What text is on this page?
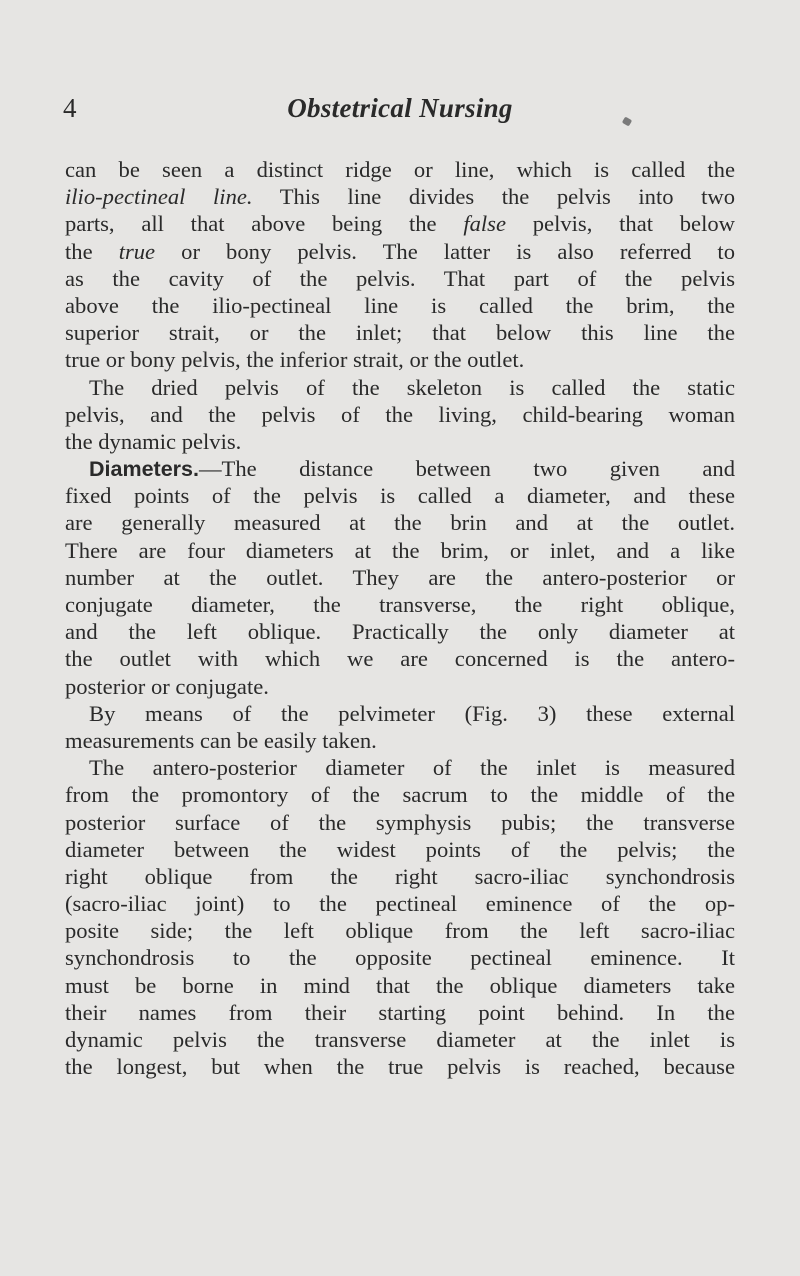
4	Obstetrical Nursing
can be seen a distinct ridge or line, which is called the
ilio-pectineal line. This line divides the pelvis into two
parts, all that above being the false pelvis, that below
the true or bony pelvis. The latter is also referred to
as the cavity of the pelvis. That part of the pelvis
above the ilio-pectineal line is called the brim, the
superior strait, or the inlet; that below this line the
true or bony pelvis, the inferior strait, or the outlet.
The dried pelvis of the skeleton is called the static
pelvis, and the pelvis of the living, child-bearing woman
the dynamic pelvis.
Diameters.—The distance between two given and
fixed points of the pelvis is called a diameter, and these
are generally measured at the brin and at the outlet.
There are four diameters at the brim, or inlet, and a like
number at the outlet. They are the antero-posterior or
conjugate diameter, the transverse, the right oblique,
and the left oblique. Practically the only diameter at
the outlet with which we are concerned is the antero-
posterior or conjugate.
By means of the pelvimeter (Fig. 3) these external
measurements can be easily taken.
The antero-posterior diameter of the inlet is measured
from the promontory of the sacrum to the middle of the
posterior surface of the symphysis pubis; the transverse
diameter between the widest points of the pelvis; the
right oblique from the right sacro-iliac synchondrosis
(sacro-iliac joint) to the pectineal eminence of the op-
posite side; the left oblique from the left sacro-iliac
synchondrosis to the opposite pectineal eminence. It
must be borne in mind that the oblique diameters take
their names from their starting point behind. In the
dynamic pelvis the transverse diameter at the inlet is
the longest, but when the true pelvis is reached, because
